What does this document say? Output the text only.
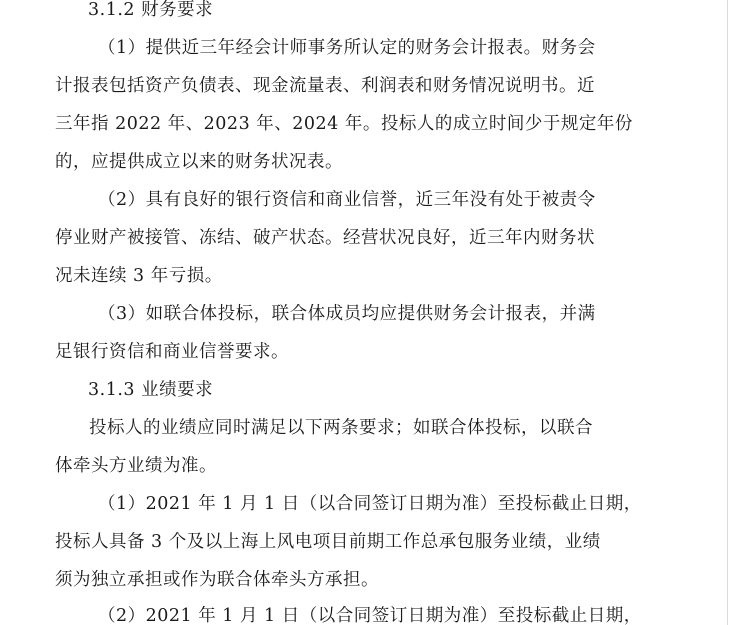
3.1.2 财务要求
（1）提供近三年经会计师事务所认定的财务会计报表。财务会
计报表包括资产负债表、现金流量表、利润表和财务情况说明书。近
三年指 2022 年、2023 年、2024 年。投标人的成立时间少于规定年份
的，应提供成立以来的财务状况表。
（2）具有良好的银行资信和商业信誉，近三年没有处于被责令
停业财产被接管、冻结、破产状态。经营状况良好，近三年内财务状
况未连续 3 年亏损。
（3）如联合体投标，联合体成员均应提供财务会计报表，并满
足银行资信和商业信誉要求。
3.1.3 业绩要求
投标人的业绩应同时满足以下两条要求；如联合体投标，以联合
体牵头方业绩为准。
（1）2021 年 1 月 1 日（以合同签订日期为准）至投标截止日期，
投标人具备 3 个及以上海上风电项目前期工作总承包服务业绩，业绩
须为独立承担或作为联合体牵头方承担。
（2）2021 年 1 月 1 日（以合同签订日期为准）至投标截止日期，
